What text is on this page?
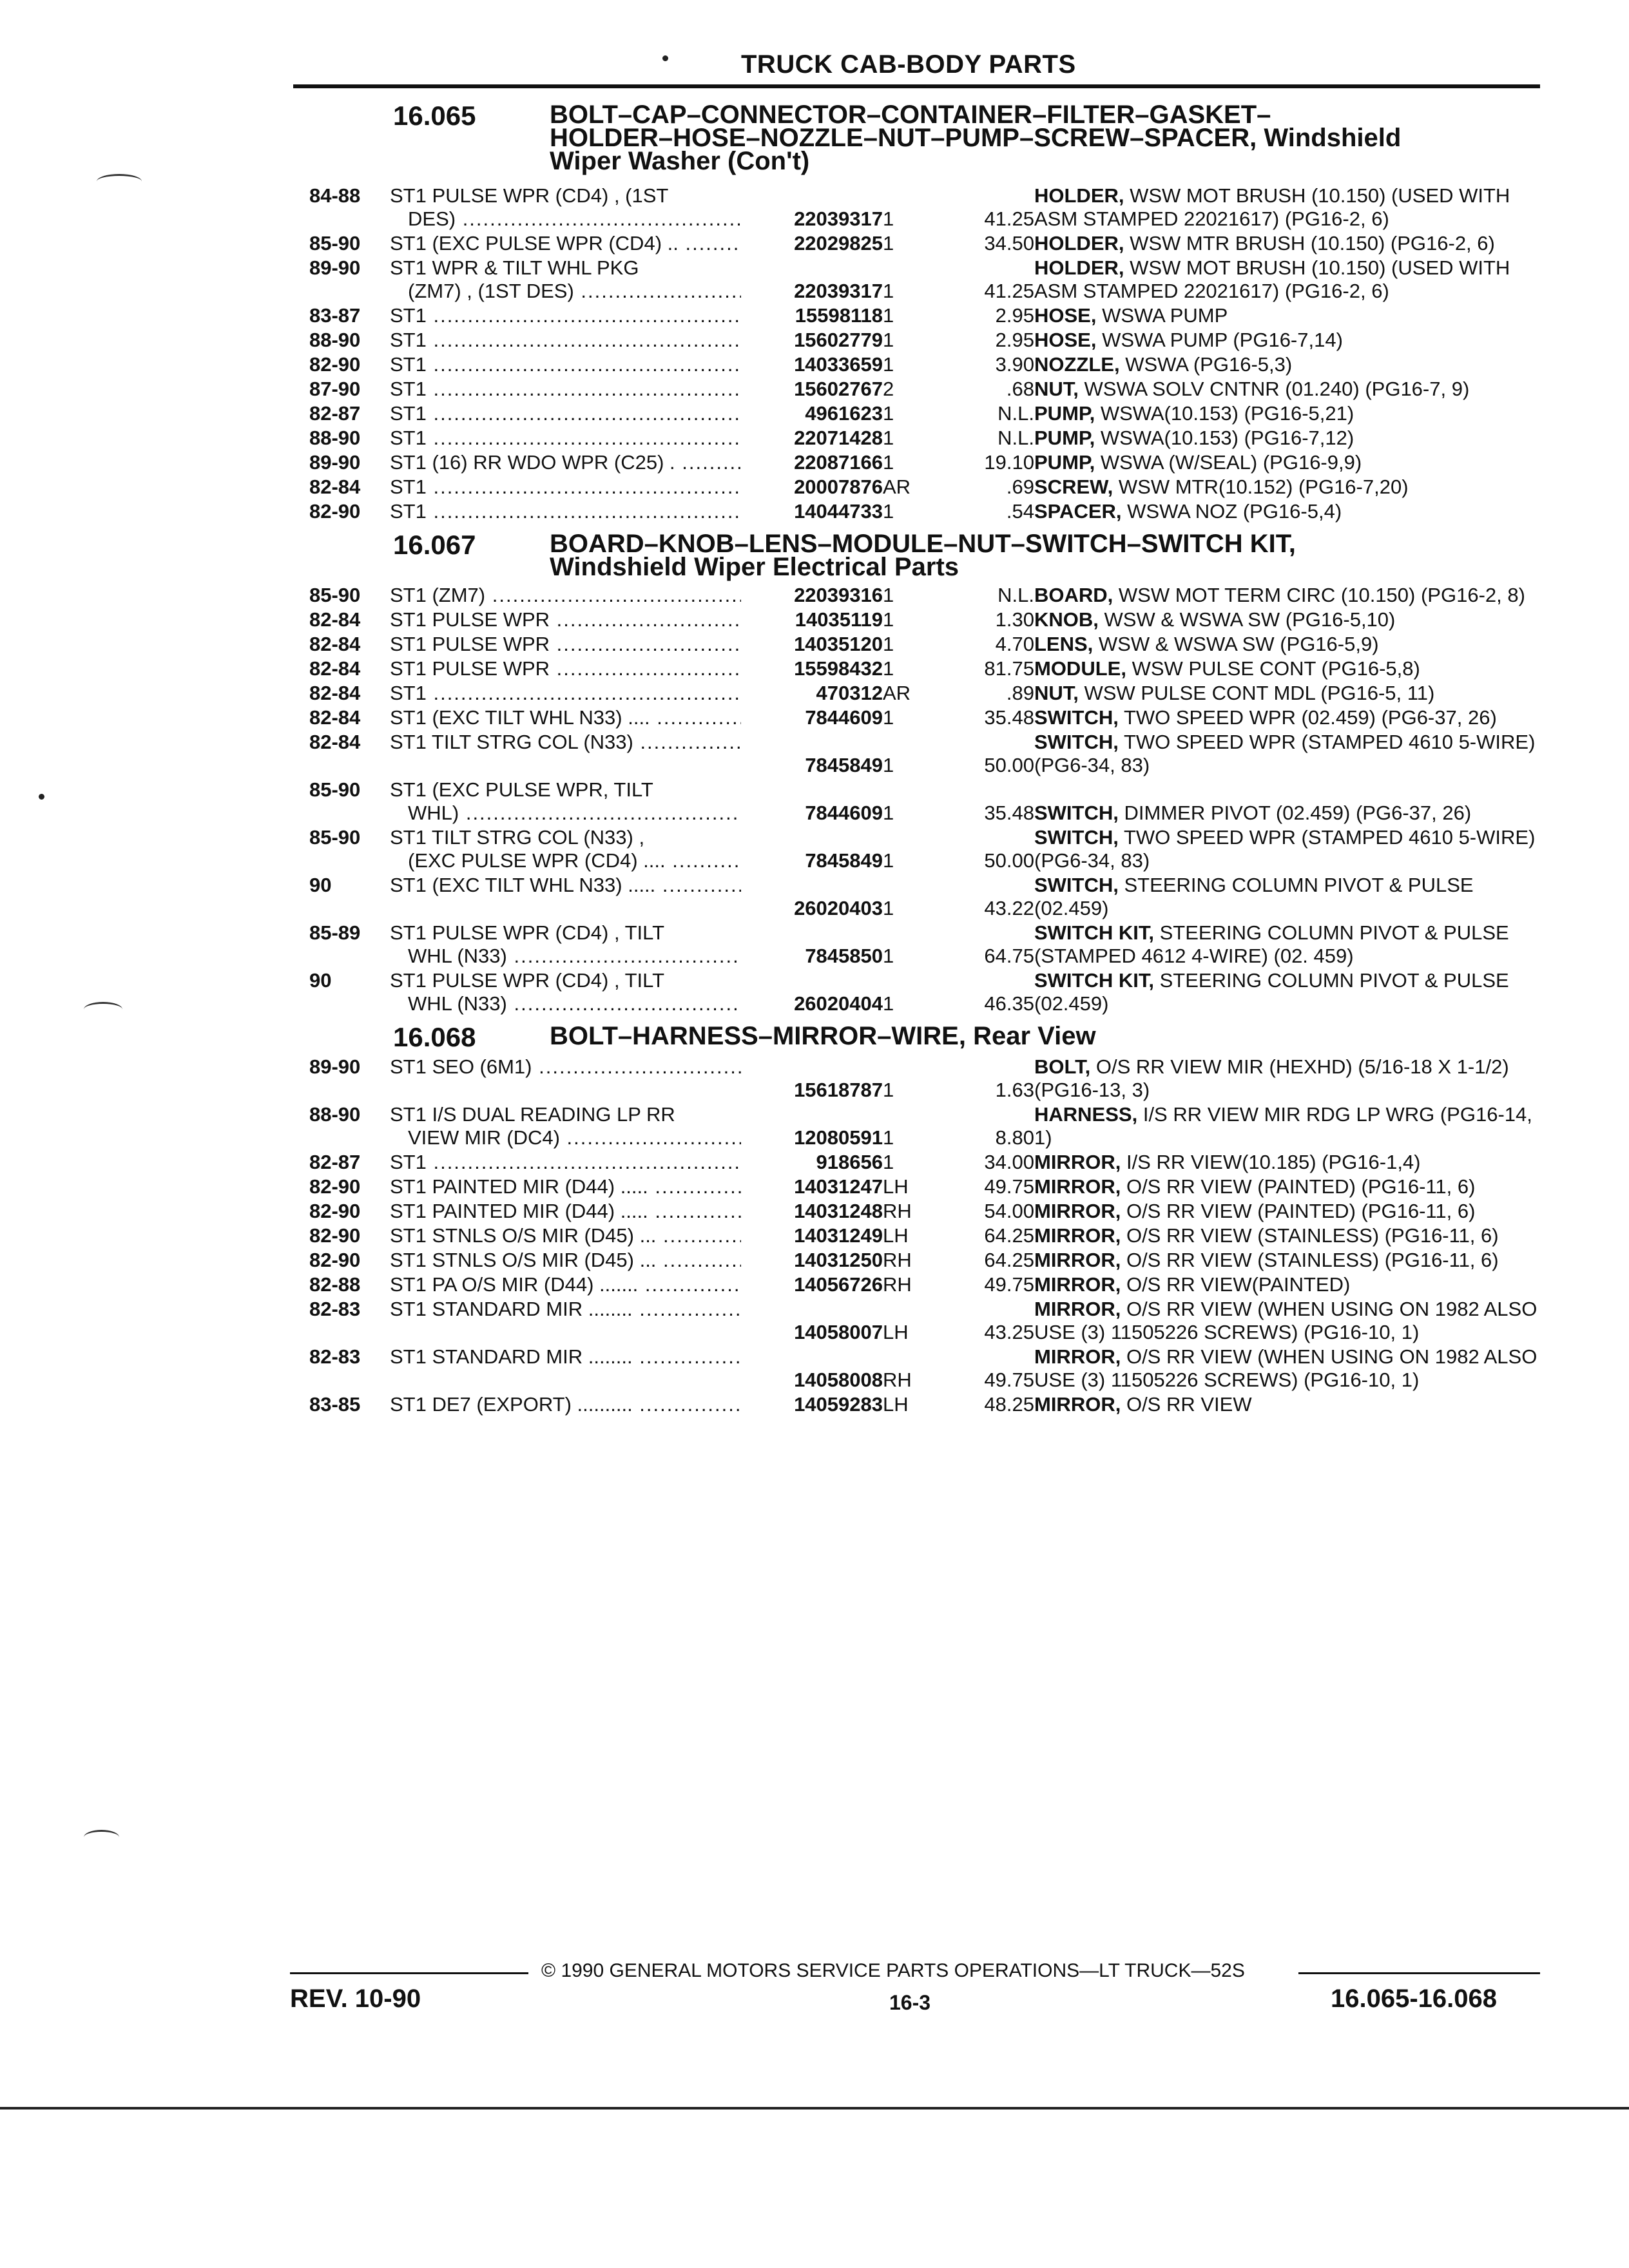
TRUCK CAB-BODY PARTS
16.065	BOLT–CAP–CONNECTOR–CONTAINER–FILTER–GASKET–
HOLDER–HOSE–NOZZLE–NUT–PUMP–SCREW–SPACER, Windshield
Wiper Washer (Con't)
84-88	ST1 PULSE WPR (CD4) , (1ST
DES) .....	22039317	1	41.25	HOLDER, WSW MOT BRUSH (10.150) (USED WITH ASM STAMPED 22021617) (PG16-2, 6)

85-90	ST1 (EXC PULSE WPR (CD4) .. .....	22029825	1	34.50	HOLDER, WSW MTR BRUSH (10.150) (PG16-2, 6)

89-90	ST1 WPR & TILT WHL PKG
(ZM7) , (1ST DES) .....	22039317	1	41.25	HOLDER, WSW MOT BRUSH (10.150) (USED WITH ASM STAMPED 22021617) (PG16-2, 6)

83-87	ST1 .....	15598118	1	2.95	HOSE, WSWA PUMP

88-90	ST1 .....	15602779	1	2.95	HOSE, WSWA PUMP (PG16-7,14)

82-90	ST1 .....	14033659	1	3.90	NOZZLE, WSWA (PG16-5,3)

87-90	ST1 .....	15602767	2	.68	NUT, WSWA SOLV CNTNR (01.240) (PG16-7, 9)

82-87	ST1 .....	4961623	1	N.L.	PUMP, WSWA(10.153) (PG16-5,21)

88-90	ST1 .....	22071428	1	N.L.	PUMP, WSWA(10.153) (PG16-7,12)

89-90	ST1 (16) RR WDO WPR (C25) . .....	22087166	1	19.10	PUMP, WSWA (W/SEAL) (PG16-9,9)

82-84	ST1 .....	20007876	AR	.69	SCREW, WSW MTR(10.152) (PG16-7,20)

82-90	ST1 .....	14044733	1	.54	SPACER, WSWA NOZ (PG16-5,4)

16.067 BOARD–KNOB–LENS–MODULE–NUT–SWITCH–SWITCH KIT,
Windshield Wiper Electrical Parts					

85-90	ST1 (ZM7) .....	22039316	1	N.L.	BOARD, WSW MOT TERM CIRC (10.150) (PG16-2, 8)

82-84	ST1 PULSE WPR .....	14035119	1	1.30	KNOB, WSW & WSWA SW (PG16-5,10)

82-84	ST1 PULSE WPR .....	14035120	1	4.70	LENS, WSW & WSWA SW (PG16-5,9)

82-84	ST1 PULSE WPR .....	15598432	1	81.75	MODULE, WSW PULSE CONT (PG16-5,8)

82-84	ST1 .....	470312	AR	.89	NUT, WSW PULSE CONT MDL (PG16-5, 11)

82-84	ST1 (EXC TILT WHL N33) .... .....	7844609	1	35.48	SWITCH, TWO SPEED WPR (02.459) (PG6-37, 26)

82-84	ST1 TILT STRG COL (N33) .....	7845849	1	50.00	SWITCH, TWO SPEED WPR (STAMPED 4610 5-WIRE) (PG6-34, 83)

85-90	ST1 (EXC PULSE WPR, TILT
WHL) .....	7844609	1	35.48	SWITCH, DIMMER PIVOT (02.459) (PG6-37, 26)

85-90	ST1 TILT STRG COL (N33) ,
(EXC PULSE WPR (CD4) .... .....	7845849	1	50.00	SWITCH, TWO SPEED WPR (STAMPED 4610 5-WIRE) (PG6-34, 83)

90	ST1 (EXC TILT WHL N33) ..... .....	26020403	1	43.22	SWITCH, STEERING COLUMN PIVOT & PULSE (02.459)

85-89	ST1 PULSE WPR (CD4) , TILT
WHL (N33) .....	7845850	1	64.75	SWITCH KIT, STEERING COLUMN PIVOT & PULSE (STAMPED 4612 4-WIRE) (02. 459)

90	ST1 PULSE WPR (CD4) , TILT
WHL (N33) .....	26020404	1	46.35	SWITCH KIT, STEERING COLUMN PIVOT & PULSE (02.459)

16.068 BOLT–HARNESS–MIRROR–WIRE, Rear View					

89-90	ST1 SEO (6M1) .....	15618787	1	1.63	BOLT, O/S RR VIEW MIR (HEXHD) (5/16-18 X 1-1/2) (PG16-13, 3)

88-90	ST1 I/S DUAL READING LP RR
VIEW MIR (DC4) .....	12080591	1	8.80	HARNESS, I/S RR VIEW MIR RDG LP WRG (PG16-14, 1)

82-87	ST1 .....	918656	1	34.00	MIRROR, I/S RR VIEW(10.185) (PG16-1,4)

82-90	ST1 PAINTED MIR (D44) ..... .....	14031247	LH	49.75	MIRROR, O/S RR VIEW (PAINTED) (PG16-11, 6)

82-90	ST1 PAINTED MIR (D44) ..... .....	14031248	RH	54.00	MIRROR, O/S RR VIEW (PAINTED) (PG16-11, 6)

82-90	ST1 STNLS O/S MIR (D45) ... .....	14031249	LH	64.25	MIRROR, O/S RR VIEW (STAINLESS) (PG16-11, 6)

82-90	ST1 STNLS O/S MIR (D45) ... .....	14031250	RH	64.25	MIRROR, O/S RR VIEW (STAINLESS) (PG16-11, 6)

82-88	ST1 PA O/S MIR (D44) ....... .....	14056726	RH	49.75	MIRROR, O/S RR VIEW(PAINTED)

82-83	ST1 STANDARD MIR ........ .....	14058007	LH	43.25	MIRROR, O/S RR VIEW (WHEN USING ON 1982 ALSO USE (3) 11505226 SCREWS) (PG16-10, 1)

82-83	ST1 STANDARD MIR ........ .....	14058008	RH	49.75	MIRROR, O/S RR VIEW (WHEN USING ON 1982 ALSO USE (3) 11505226 SCREWS) (PG16-10, 1)

83-85	ST1 DE7 (EXPORT) .......... .....	14059283	LH	48.25	MIRROR, O/S RR VIEW
© 1990 GENERAL MOTORS SERVICE PARTS OPERATIONS—LT TRUCK—52S
REV. 10-90	16-3	16.065-16.068
